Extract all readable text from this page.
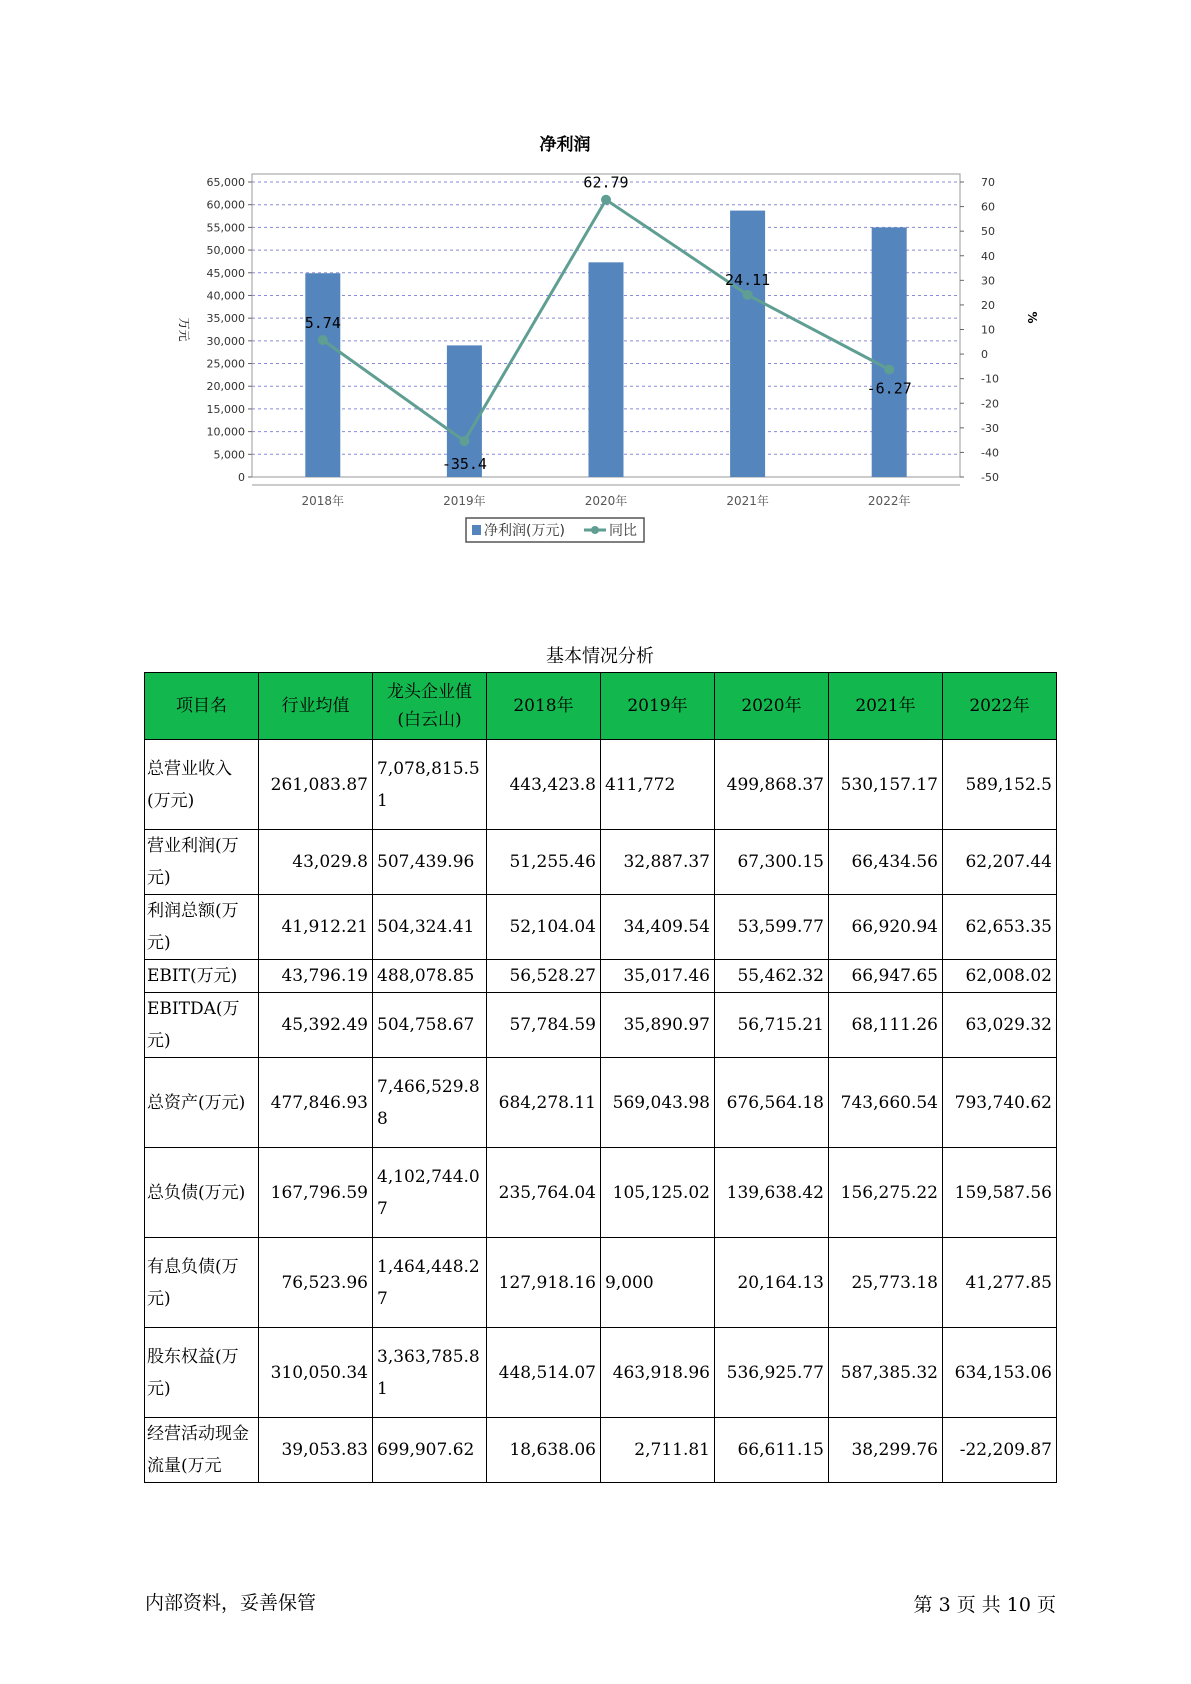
净利润
0
5,000
10,000
15,000
20,000
25,000
30,000
35,000
40,000
45,000
50,000
55,000
60,000
65,000
-50
-40
-30
-20
-10
0
10
20
30
40
50
60
70
万元	%
2018年	2019年	2020年	2021年	2022年
5.74
-35.4
62.79
24.11
-6.27
净利润(万元)	同比
基本情况分析
项目名	行业均值	龙头企业值(白云山)	2018年	2019年	2020年	2021年	2022年
总营业收入(万元)	261,083.87	7,078,815.51	443,423.8	411,772	499,868.37	530,157.17	589,152.5
营业利润(万元)	43,029.8	507,439.96	51,255.46	32,887.37	67,300.15	66,434.56	62,207.44
利润总额(万元)	41,912.21	504,324.41	52,104.04	34,409.54	53,599.77	66,920.94	62,653.35
EBIT(万元)	43,796.19	488,078.85	56,528.27	35,017.46	55,462.32	66,947.65	62,008.02
EBITDA(万元)	45,392.49	504,758.67	57,784.59	35,890.97	56,715.21	68,111.26	63,029.32
总资产(万元)	477,846.93	7,466,529.88	684,278.11	569,043.98	676,564.18	743,660.54	793,740.62
总负债(万元)	167,796.59	4,102,744.07	235,764.04	105,125.02	139,638.42	156,275.22	159,587.56
有息负债(万元)	76,523.96	1,464,448.27	127,918.16	9,000	20,164.13	25,773.18	41,277.85
股东权益(万元)	310,050.34	3,363,785.81	448,514.07	463,918.96	536,925.77	587,385.32	634,153.06
经营活动现金流量(万元	39,053.83	699,907.62	18,638.06	2,711.81	66,611.15	38,299.76	-22,209.87
内部资料，妥善保管	第 3 页 共 10 页
